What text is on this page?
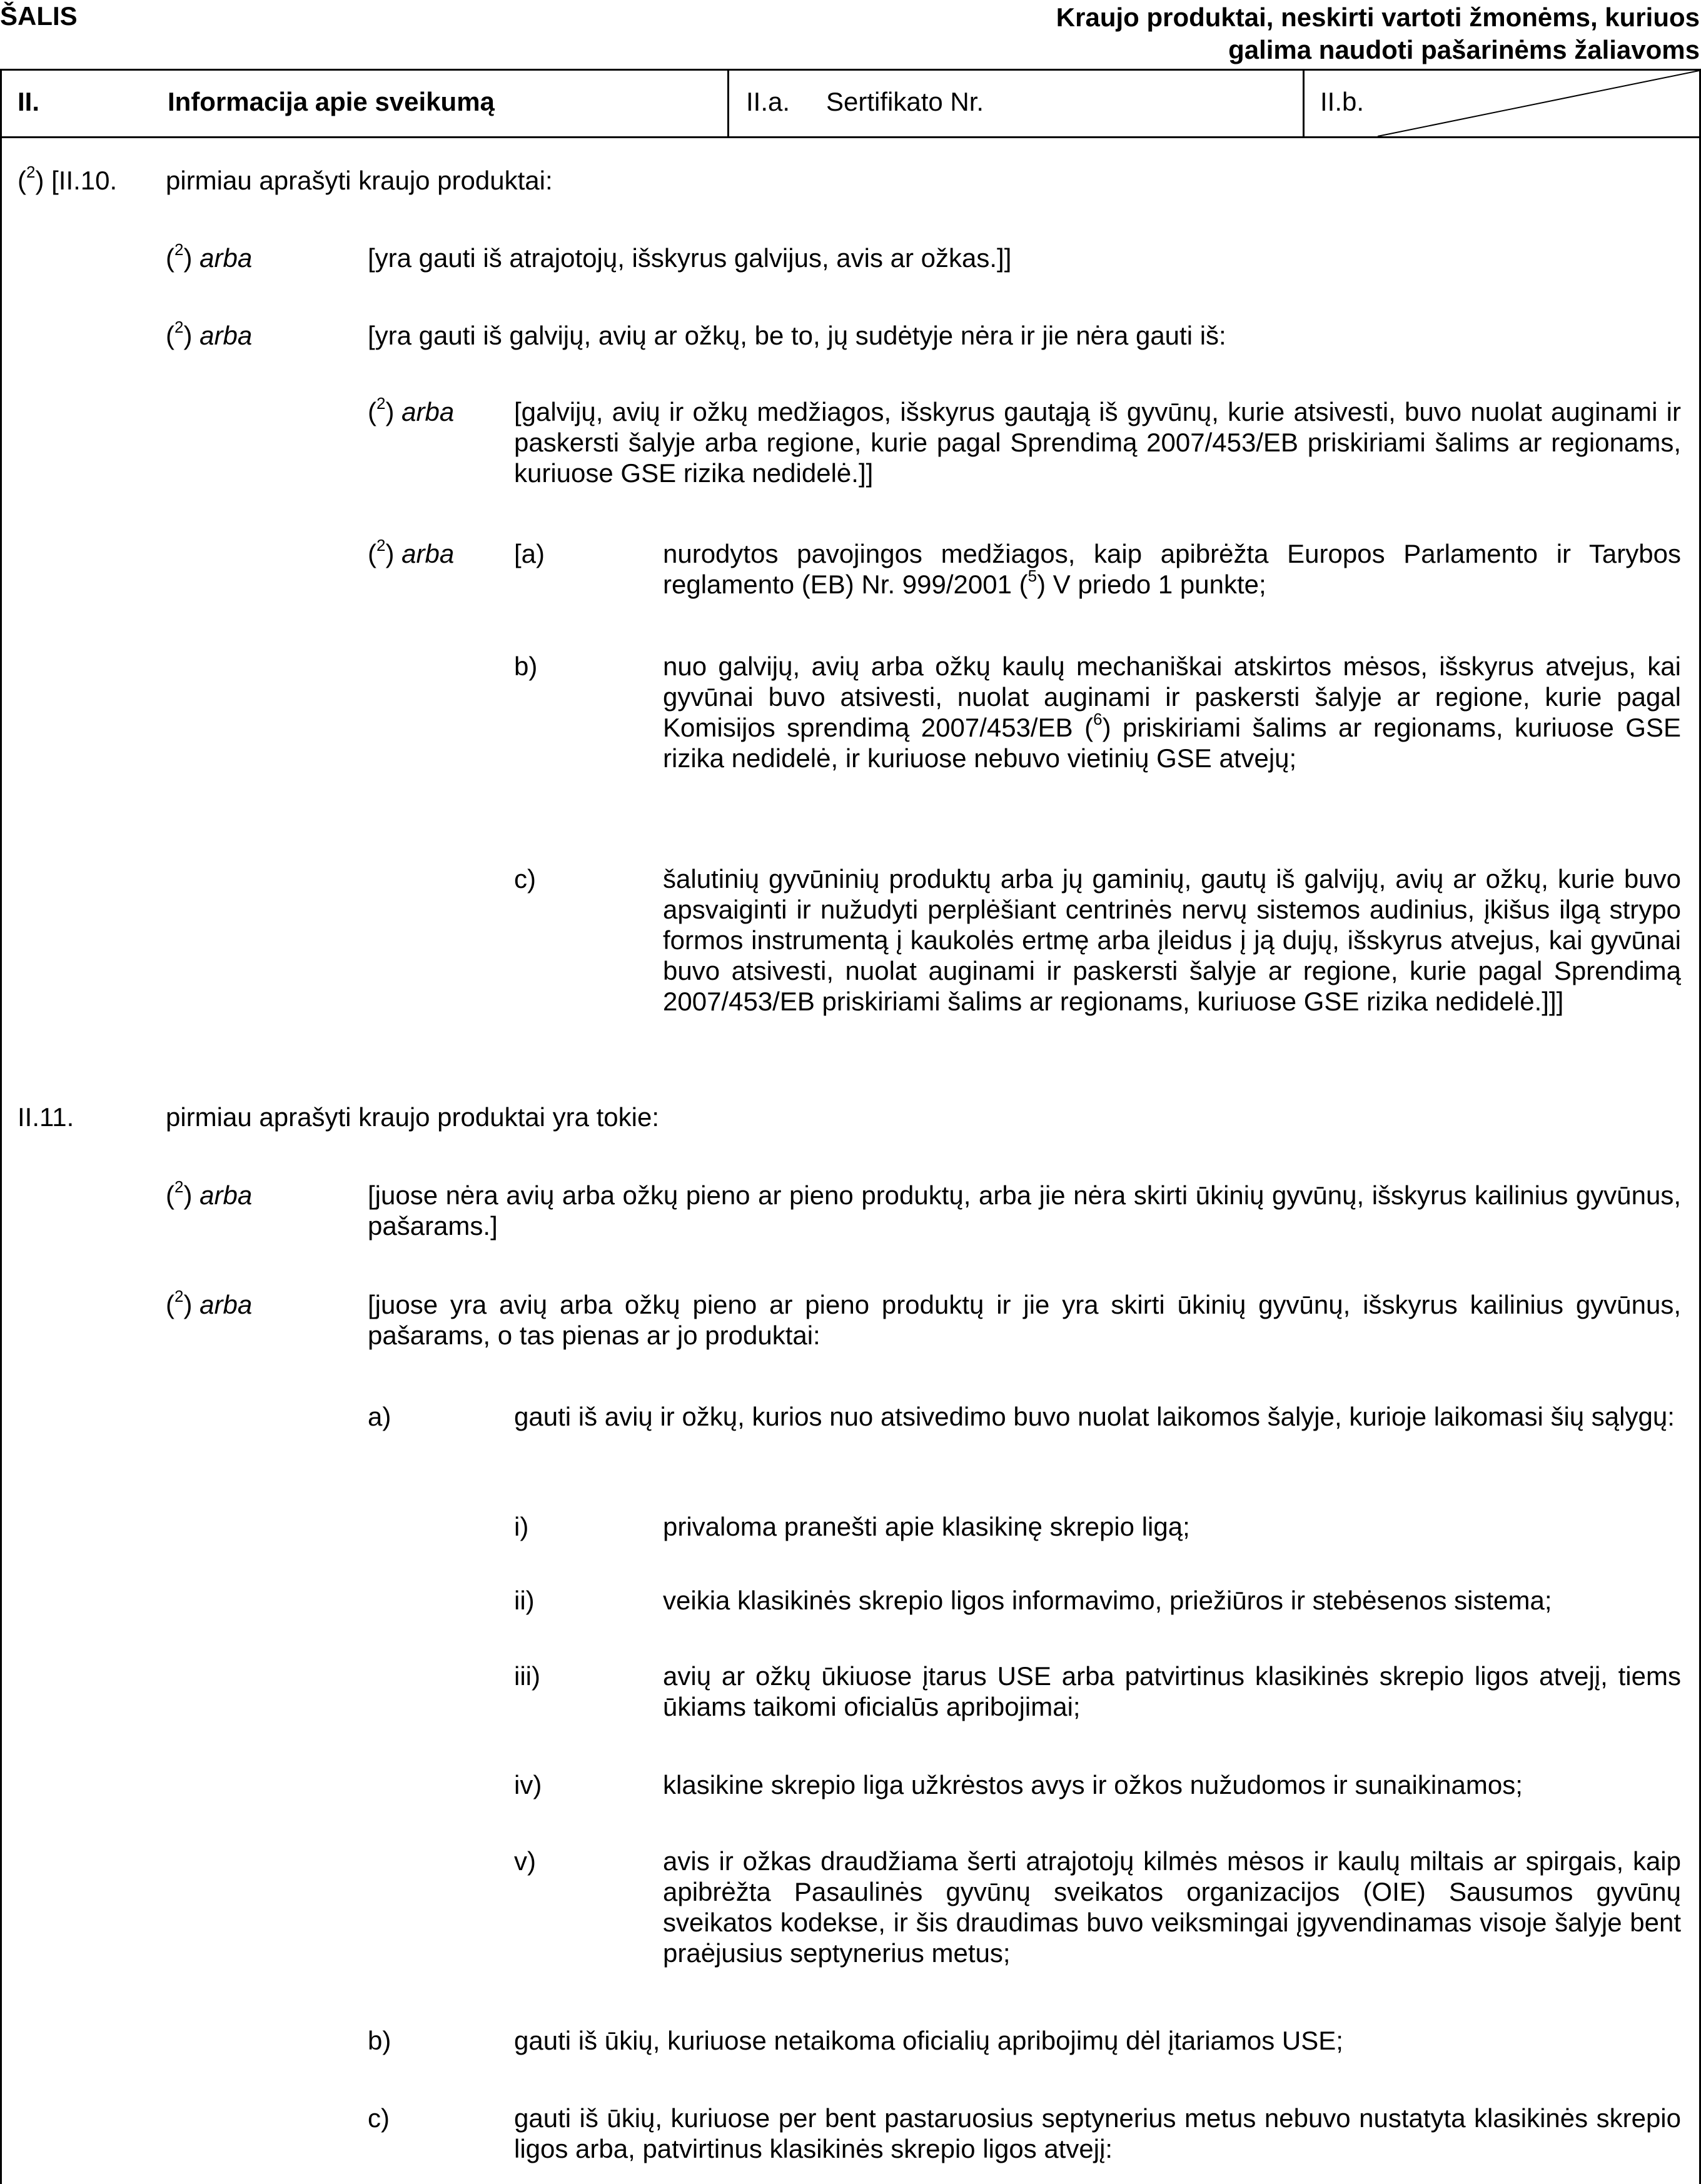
ŠALIS	Kraujo produktai, neskirti vartoti žmonėms, kuriuos
galima naudoti pašarinėms žaliavoms
II.	Informacija apie sveikumą	II.a. Sertifikato Nr.	II.b.
($^2$) [II.10. pirmiau aprašyti kraujo produktai:
($^2$) arba	[yra gauti iš atrajotojų, išskyrus galvijus, avis ar ožkas.]]
($^2$) arba	[yra gauti iš galvijų, avių ar ožkų, be to, jų sudėtyje nėra ir jie nėra gauti iš:
($^2$) arba [galvijų, avių ir ožkų medžiagos, išskyrus gautąją iš gyvūnų, kurie atsivesti, buvo nuolat auginami ir paskersti šalyje arba regione, kurie pagal Sprendimą 2007/453/EB priskiriami šalims ar regionams, kuriuose GSE rizika nedidelė.]]
($^2$) arba [a)	nurodytos pavojingos medžiagos, kaip apibrėžta Europos Parlamento ir Tarybos reglamento (EB) Nr. 999/2001 ($^5$) V priedo 1 punkte;
b)	nuo galvijų, avių arba ožkų kaulų mechaniškai atskirtos mėsos, išskyrus atvejus, kai gyvūnai buvo atsivesti, nuolat auginami ir paskersti šalyje ar regione, kurie pagal Komisijos sprendimą 2007/453/EB ($^6$) priskiriami šalims ar regionams, kuriuose GSE rizika nedidelė, ir kuriuose nebuvo vietinių GSE atvejų;
c)	šalutinių gyvūninių produktų arba jų gaminių, gautų iš galvijų, avių ar ožkų, kurie buvo apsvaiginti ir nužudyti perplėšiant centrinės nervų sistemos audinius, įkišus ilgą strypo formos instrumentą į kaukolės ertmę arba įleidus į ją dujų, išskyrus atvejus, kai gyvūnai buvo atsivesti, nuolat auginami ir paskersti šalyje ar regione, kurie pagal Sprendimą 2007/453/EB priskiriami šalims ar regionams, kuriuose GSE rizika nedidelė.]]]
II.11.	pirmiau aprašyti kraujo produktai yra tokie:
($^2$) arba	[juose nėra avių arba ožkų pieno ar pieno produktų, arba jie nėra skirti ūkinių gyvūnų, išskyrus kailinius gyvūnus, pašarams.]
($^2$) arba	[juose yra avių arba ožkų pieno ar pieno produktų ir jie yra skirti ūkinių gyvūnų, išskyrus kailinius gyvūnus, pašarams, o tas pienas ar jo produktai:
a)	gauti iš avių ir ožkų, kurios nuo atsivedimo buvo nuolat laikomos šalyje, kurioje laikomasi šių sąlygų:
i)	privaloma pranešti apie klasikinę skrepio ligą;
ii)	veikia klasikinės skrepio ligos informavimo, priežiūros ir stebėsenos sistema;
iii)	avių ar ožkų ūkiuose įtarus USE arba patvirtinus klasikinės skrepio ligos atvejį, tiems ūkiams taikomi oficialūs apribojimai;
iv)	klasikine skrepio liga užkrėstos avys ir ožkos nužudomos ir sunaikinamos;
v)	avis ir ožkas draudžiama šerti atrajotojų kilmės mėsos ir kaulų miltais ar spirgais, kaip apibrėžta Pasaulinės gyvūnų sveikatos organizacijos (OIE) Sausumos gyvūnų sveikatos kodekse, ir šis draudimas buvo veiksmingai įgyvendinamas visoje šalyje bent praėjusius septynerius metus;
b)	gauti iš ūkių, kuriuose netaikoma oficialių apribojimų dėl įtariamos USE;
c)	gauti iš ūkių, kuriuose per bent pastaruosius septynerius metus nebuvo nustatyta klasikinės skrepio ligos arba, patvirtinus klasikinės skrepio ligos atvejį:
